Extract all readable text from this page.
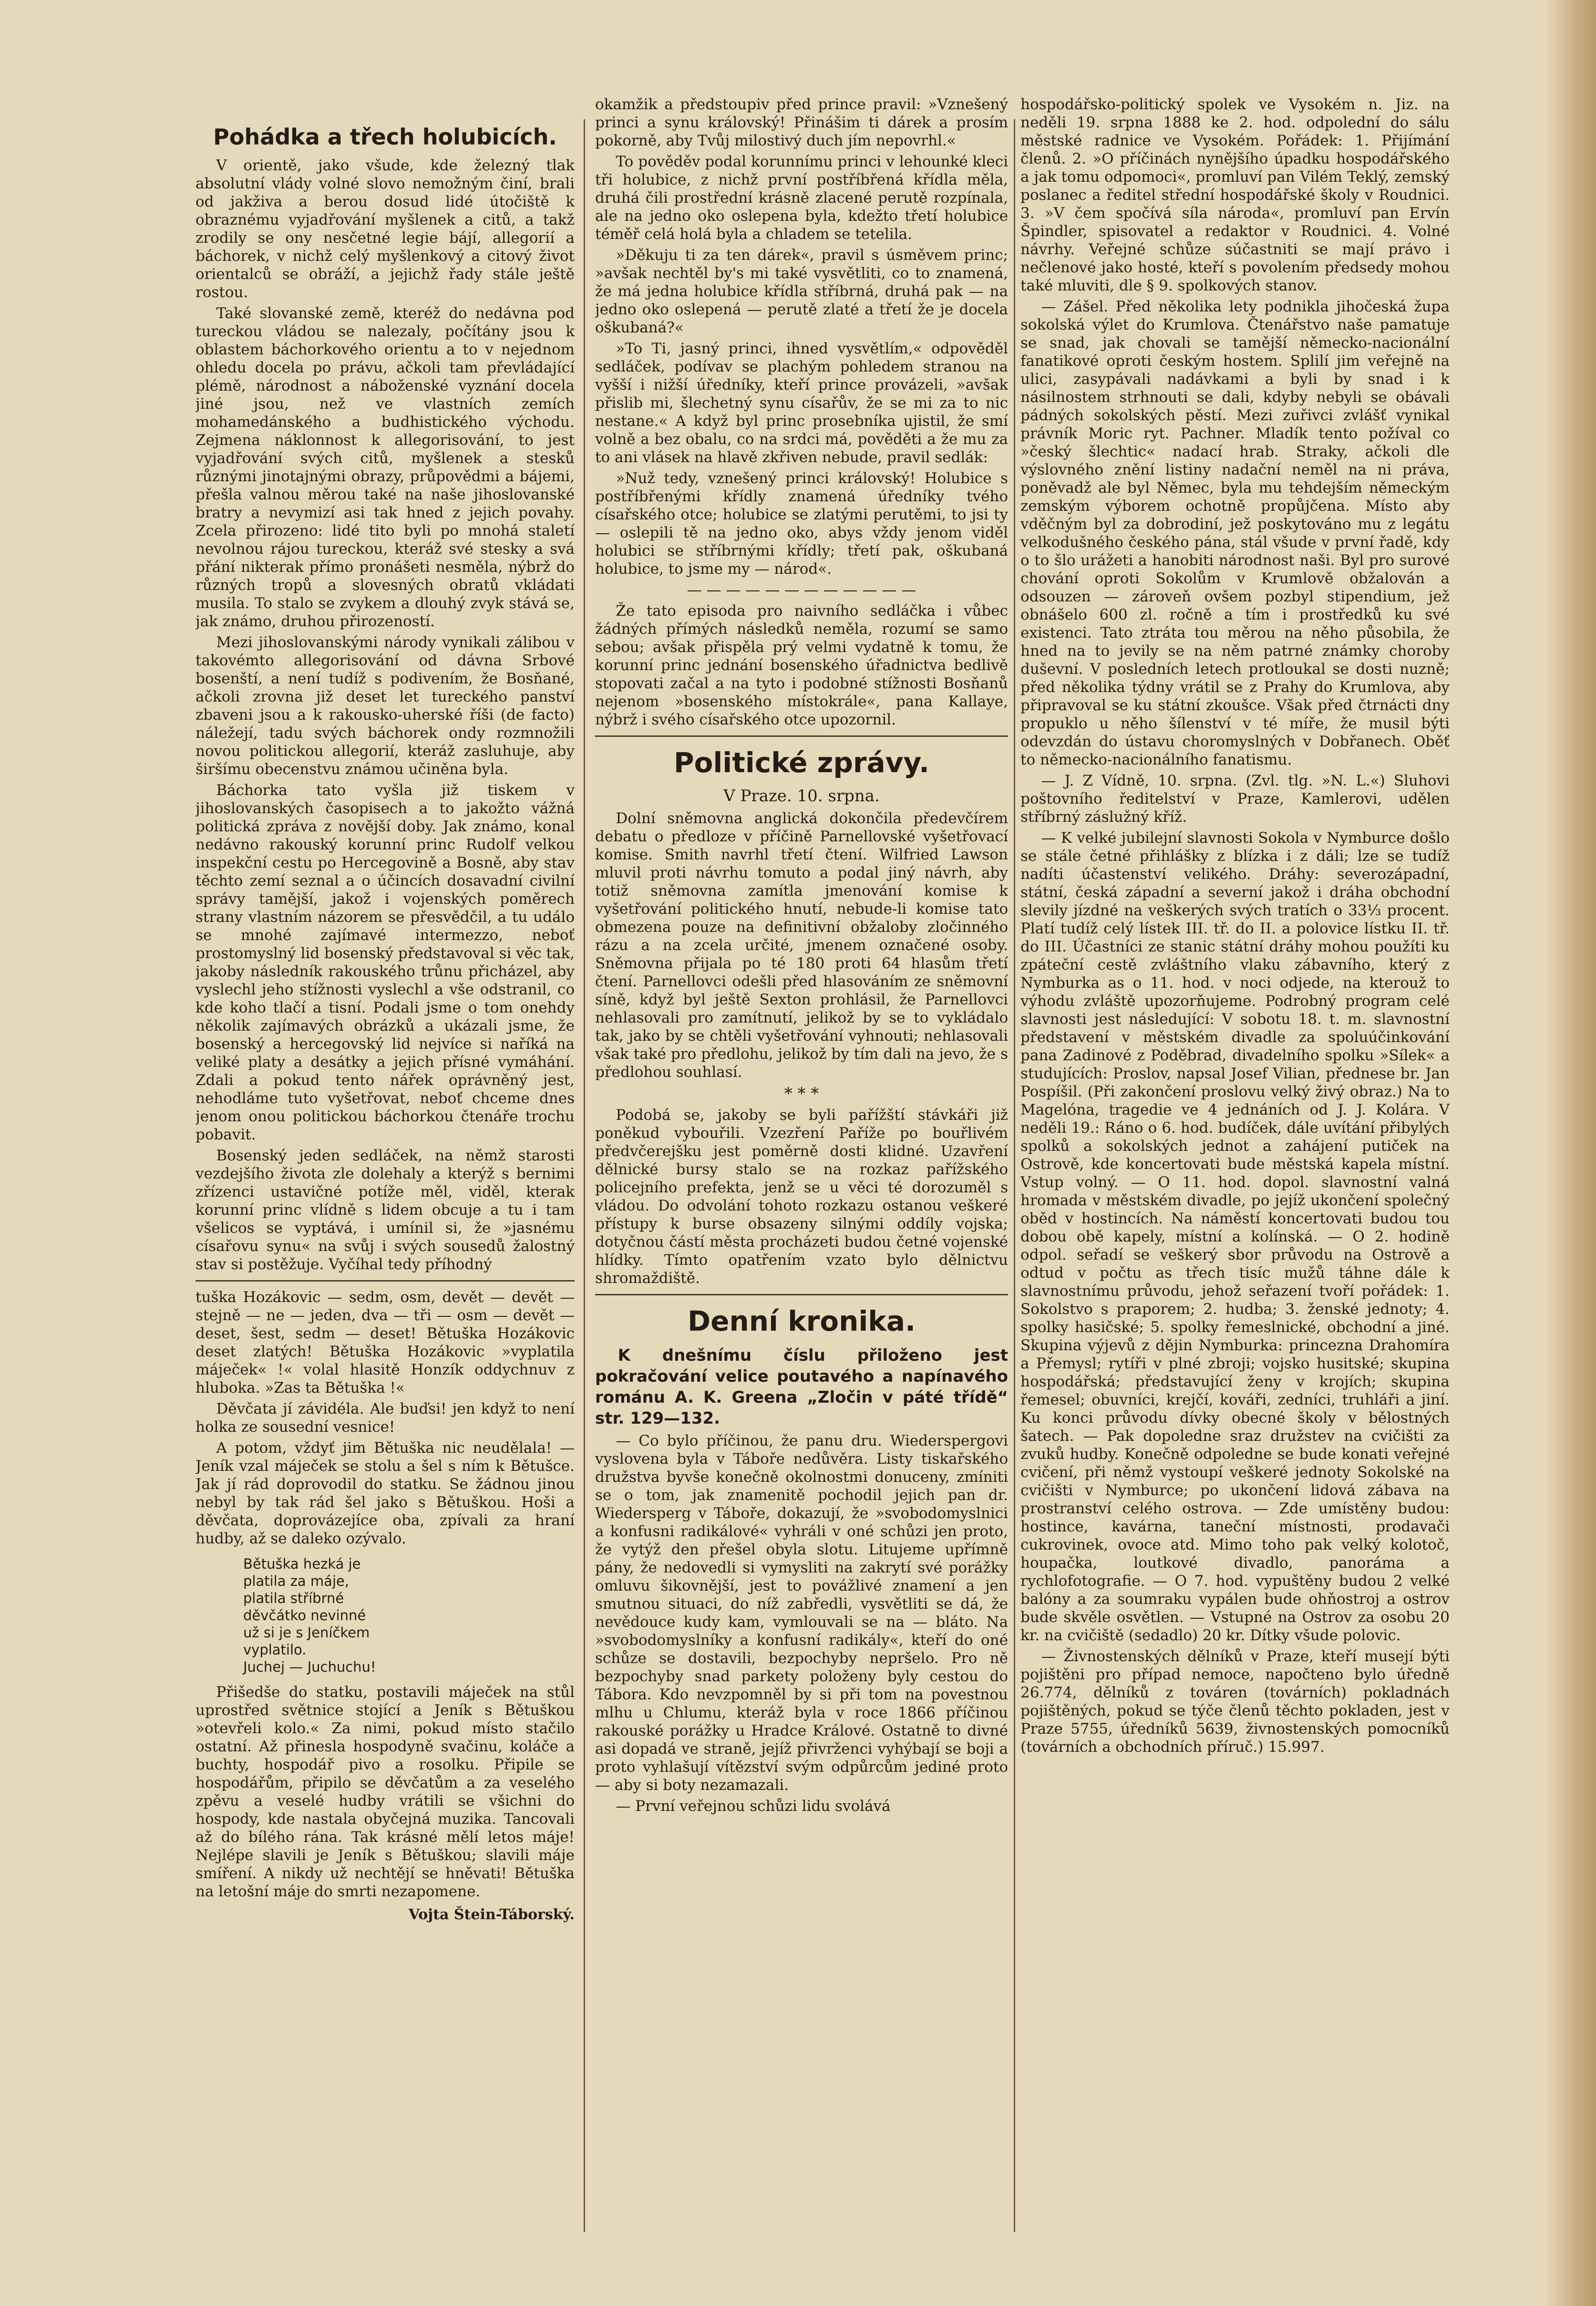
Pohádka a třech holubicích.

V orientě, jako všude, kde železný tlak absolutní vlády volné slovo nemožným činí, brali od jakživa a berou dosud lidé útočiště k obraznému vyjadřování myšlenek a citů, a takž zrodily se ony nesčetné legie bájí, allegorií a báchorek, v nichž celý myšlenkový a citový život orientalců se obráží, a jejichž řady stále ještě rostou.

Také slovanské země, kteréž do nedávna pod tureckou vládou se nalezaly, počítány jsou k oblastem báchorkového orientu a to v nejednom ohledu docela po právu, ačkoli tam převládající plémě, národnost a náboženské vyznání docela jiné jsou, než ve vlastních zemích mohamedánského a budhistického východu. Zejmena náklonnost k allegorisování, to jest vyjadřování svých citů, myšlenek a stesků různými jinotajnými obrazy, průpovědmi a bájemi, přešla valnou měrou také na naše jihoslovanské bratry a nevymizí asi tak hned z jejich povahy. Zcela přirozeno: lidé tito byli po mnohá staletí nevolnou rájou tureckou, kteráž své stesky a svá přání nikterak přímo pronášeti nesměla, nýbrž do různých tropů a slovesných obratů vkládati musila. To stalo se zvykem a dlouhý zvyk stává se, jak známo, druhou přirozeností.

Mezi jihoslovanskými národy vynikali zálibou v takovémto allegorisování od dávna Srbové bosenští, a není tudíž s podivením, že Bosňané, ačkoli zrovna již deset let tureckého panství zbaveni jsou a k rakousko-uherské říši (de facto) náležejí, tadu svých báchorek ondy rozmnožili novou politickou allegorií, kteráž zasluhuje, aby širšímu obecenstvu známou učiněna byla.

Báchorka tato vyšla již tiskem v jihoslovanských časopisech a to jakožto vážná politická zpráva z novější doby. Jak známo, konal nedávno rakouský korunní princ Rudolf velkou inspekční cestu po Hercegovině a Bosně, aby stav těchto zemí seznal a o účincích dosavadní civilní správy tamější, jakož i vojenských poměrech strany vlastním názorem se přesvědčil, a tu událo se mnohé zajímavé intermezzo, neboť prostomyslný lid bosenský představoval si věc tak, jakoby následník rakouského trůnu přicházel, aby vyslechl jeho stížnosti vyslechl a vše odstranil, co kde koho tlačí a tisní. Podali jsme o tom onehdy několik zajímavých obrázků a ukázali jsme, že bosenský a hercegovský lid nejvíce si naříká na veliké platy a desátky a jejich přísné vymáhání. Zdali a pokud tento nářek oprávněný jest, nehodláme tuto vyšetřovat, neboť chceme dnes jenom onou politickou báchorkou čtenáře trochu pobavit.

Bosenský jeden sedláček, na němž starosti vezdejšího života zle dolehaly a kterýž s bernimi zřízenci ustavičné potíže měl, viděl, kterak korunní princ vlídně s lidem obcuje a tu i tam všelicos se vyptává, i umínil si, že »jasnému císařovu synu« na svůj i svých sousedů žalostný stav si postěžuje. Vyčíhal tedy příhodný

tuška Hozákovic — sedm, osm, devět — devět — stejně — ne — jeden, dva — tři — osm — devět — deset, šest, sedm — deset! Bětuška Hozákovic deset zlatých! Bětuška Hozákovic »vyplatila máječek« !« volal hlasitě Honzík oddychnuv z hluboka. »Zas ta Bětuška !«

Děvčata jí závidéla. Ale buďsi! jen když to není holka ze sousední vesnice!

A potom, vždyť jim Bětuška nic neudělala! — Jeník vzal máječek se stolu a šel s ním k Bětušce. Jak jí rád doprovodil do statku. Se žádnou jinou nebyl by tak rád šel jako s Bětuškou. Hoši a děvčata, doprovázejíce oba, zpívali za hraní hudby, až se daleko ozývalo.

Bětuška hezká je
platila za máje,
platila stříbrné
děvčátko nevinné
už si je s Jeníčkem
vyplatilo.
Juchej — Juchuchu!

Přišedše do statku, postavili máječek na stůl uprostřed světnice stojící a Jeník s Bětuškou »otevřeli kolo.« Za nimi, pokud místo stačilo ostatní. Až přinesla hospodyně svačinu, koláče a buchty, hospodář pivo a rosolku. Připile se hospodářům, připilo se děvčatům a za veselého zpěvu a veselé hudby vrátili se všichni do hospody, kde nastala obyčejná muzika. Tancovali až do bílého rána. Tak krásné mělí letos máje! Nejlépe slavili je Jeník s Bětuškou; slavili máje smíření. A nikdy už nechtějí se hněvati! Bětuška na letošní máje do smrti nezapomene.

Vojta Štein-Táborský.

okamžik a předstoupiv před prince pravil: »Vznešený princi a synu královský! Přinášim ti dárek a prosím pokorně, aby Tvůj milostivý duch jím nepovrhl.«

To pověděv podal korunnímu princi v lehounké kleci tři holubice, z nichž první postříbřená křídla měla, druhá čili prostřední krásně zlacené perutě rozpínala, ale na jedno oko oslepena byla, kdežto třetí holubice téměř celá holá byla a chladem se tetelila.

»Děkuju ti za ten dárek«, pravil s úsměvem princ; »avšak nechtěl by's mi také vysvětliti, co to znamená, že má jedna holubice křídla stříbrná, druhá pak — na jedno oko oslepená — perutě zlaté a třetí že je docela oškubaná?«

»To Ti, jasný princi, ihned vysvětlím,« odpověděl sedláček, podívav se plachým pohledem stranou na vyšší i nižší úředníky, kteří prince provázeli, »avšak přislib mi, šlechetný synu císařův, že se mi za to nic nestane.« A když byl princ prosebníka ujistil, že smí volně a bez obalu, co na srdci má, pověděti a že mu za to ani vlásek na hlavě zkřiven nebude, pravil sedlák:

»Nuž tedy, vznešený princi královský! Holubice s postříbřenými křídly znamená úředníky tvého císařského otce; holubice se zlatými perutěmi, to jsi ty — oslepili tě na jedno oko, abys vždy jenom viděl holubici se stříbrnými křídly; třetí pak, oškubaná holubice, to jsme my — národ«.

— — — — — — — — — — — —

Že tato episoda pro naivního sedláčka i vůbec žádných přímých následků neměla, rozumí se samo sebou; avšak přispěla prý velmi vydatně k tomu, že korunní princ jednání bosenského úřadnictva bedlivě stopovati začal a na tyto i podobné stížnosti Bosňanů nejenom »bosenského místokrále«, pana Kallaye, nýbrž i svého císařského otce upozornil.

Politické zprávy.
V Praze. 10. srpna.

Dolní sněmovna anglická dokončila předevčírem debatu o předloze v příčině Parnellovské vyšetřovací komise. Smith navrhl třetí čtení. Wilfried Lawson mluvil proti návrhu tomuto a podal jiný návrh, aby totiž sněmovna zamítla jmenování komise k vyšetřování politického hnutí, nebude-li komise tato obmezena pouze na definitivní obžaloby zločinného rázu a na zcela určité, jmenem označené osoby. Sněmovna přijala po té 180 proti 64 hlasům třetí čtení. Parnellovci odešli před hlasováním ze sněmovní síně, když byl ještě Sexton prohlásil, že Parnellovci nehlasovali pro zamítnutí, jelikož by se to vykládalo tak, jako by se chtěli vyšetřování vyhnouti; nehlasovali však také pro předlohu, jelikož by tím dali na jevo, že s předlohou souhlasí.

* * *

Podobá se, jakoby se byli pařížští stávkáři již poněkud vybouřili. Vzezření Paříže po bouřlivém předvčerejšku jest poměrně dosti klidné. Uzavření dělnické bursy stalo se na rozkaz pařížského policejního prefekta, jenž se u věci té dorozuměl s vládou. Do odvolání tohoto rozkazu ostanou veškeré přístupy k burse obsazeny silnými oddíly vojska; dotyčnou částí města procházeti budou četné vojenské hlídky. Tímto opatřením vzato bylo dělnictvu shromaždiště.

Denní kronika.

K dnešnímu číslu přiloženo jest pokračování velice poutavého a napínavého románu A. K. Greena „Zločin v páté třídě“ str. 129—132.

— Co bylo příčinou, že panu dru. Wiederspergovi vyslovena byla v Táboře nedůvěra. Listy tiskařského družstva byvše konečně okolnostmi donuceny, zmíniti se o tom, jak znamenitě pochodil jejich pan dr. Wiedersperg v Táboře, dokazují, že »svobodomyslnici a konfusni radikálové« vyhráli v oné schůzi jen proto, že vytýž den přešel obyla slotu. Litujeme upřímně pány, že nedovedli si vymysliti na zakrytí své porážky omluvu šikovnější, jest to povážlivé znamení a jen smutnou situaci, do níž zabředli, vysvětliti se dá, že nevědouce kudy kam, vymlouvali se na — bláto. Na »svobodomyslníky a konfusní radikály«, kteří do oné schůze se dostavili, bezpochyby nepršelo. Pro ně bezpochyby snad parkety položeny byly cestou do Tábora. Kdo nevzpomněl by si při tom na povestnou mlhu u Chlumu, kteráž byla v roce 1866 příčinou rakouské porážky u Hradce Králové. Ostatně to divné asi dopadá ve straně, jejíž přivrženci vyhýbají se boji a proto vyhlašují vítězství svým odpůrcům jediné proto — aby si boty nezamazali.

— První veřejnou schůzi lidu svolává

hospodářsko-politický spolek ve Vysokém n. Jiz. na neděli 19. srpna 1888 ke 2. hod. odpolední do sálu městské radnice ve Vysokém. Pořádek: 1. Přijímání členů. 2. »O příčinách nynějšího úpadku hospodářského a jak tomu odpomoci«, promluví pan Vilém Teklý, zemský poslanec a ředitel střední hospodářské školy v Roudnici. 3. »V čem spočívá síla národa«, promluví pan Ervín Špindler, spisovatel a redaktor v Roudnici. 4. Volné návrhy. Veřejné schůze súčastniti se mají právo i nečlenové jako hosté, kteří s povolením předsedy mohou také mluviti, dle § 9. spolkových stanov.

— Zášel. Před několika lety podnikla jihočeská župa sokolská výlet do Krumlova. Čtenářstvo naše pamatuje se snad, jak chovali se tamější německo-nacionální fanatikové oproti českým hostem. Splilí jim veřejně na ulici, zasypávali nadávkami a byli by snad i k násilnostem strhnouti se dali, kdyby nebyli se obávali pádných sokolských pěstí. Mezi zuřivci zvlášť vynikal právník Moric ryt. Pachner. Mladík tento požíval co »český šlechtic« nadací hrab. Straky, ačkoli dle výslovného znění listiny nadační neměl na ni práva, poněvadž ale byl Němec, byla mu tehdejším německým zemským výborem ochotně propůjčena. Místo aby vděčným byl za dobrodiní, jež poskytováno mu z legátu velkodušného českého pána, stál všude v první řadě, kdy o to šlo urážeti a hanobiti národnost naši. Byl pro surové chování oproti Sokolům v Krumlově obžalován a odsouzen — zároveň ovšem pozbyl stipendium, jež obnášelo 600 zl. ročně a tím i prostředků ku své existenci. Tato ztráta tou měrou na něho působila, že hned na to jevily se na něm patrné známky choroby duševní. V posledních letech protloukal se dosti nuzně; před několika týdny vrátil se z Prahy do Krumlova, aby připravoval se ku státní zkoušce. Však před čtrnácti dny propuklo u něho šílenství v té míře, že musil býti odevzdán do ústavu choromyslných v Dobřanech. Oběť to německo-nacionálního fanatismu.

— J. Z Vídně, 10. srpna. (Zvl. tlg. »N. L.«) Sluhovi poštovního ředitelství v Praze, Kamlerovi, udělen stříbrný záslužný kříž.

— K velké jubilejní slavnosti Sokola v Nymburce došlo se stále četné přihlášky z blízka i z dáli; lze se tudíž nadíti účastenství velikého. Dráhy: severozápadní, státní, česká západní a severní jakož i dráha obchodní slevily jízdné na veškerých svých tratích o 33⅓ procent. Platí tudíž celý lístek III. tř. do II. a polovice lístku II. tř. do III. Účastníci ze stanic státní dráhy mohou použíti ku zpáteční cestě zvláštního vlaku zábavního, který z Nymburka as o 11. hod. v noci odjede, na kterouž to výhodu zvláště upozorňujeme. Podrobný program celé slavnosti jest následující: V sobotu 18. t. m. slavnostní představení v městském divadle za spoluúčinkování pana Zadinové z Poděbrad, divadelního spolku »Sílek« a studujících: Proslov, napsal Josef Vilian, přednese br. Jan Pospíšil. (Při zakončení proslovu velký živý obraz.) Na to Magelóna, tragedie ve 4 jednáních od J. J. Kolára. V neděli 19.: Ráno o 6. hod. budíček, dále uvítání přibylých spolků a sokolských jednot a zahájení putiček na Ostrově, kde koncertovati bude městská kapela místní. Vstup volný. — O 11. hod. dopol. slavnostní valná hromada v městském divadle, po jejíž ukončení společný oběd v hostincích. Na náměstí koncertovati budou tou dobou obě kapely, místní a kolínská. — O 2. hodině odpol. seřadí se veškerý sbor průvodu na Ostrově a odtud v počtu as třech tisíc mužů táhne dále k slavnostnímu průvodu, jehož seřazení tvoří pořádek: 1. Sokolstvo s praporem; 2. hudba; 3. ženské jednoty; 4. spolky hasičské; 5. spolky řemeslnické, obchodní a jiné. Skupina výjevů z dějin Nymburka: princezna Drahomíra a Přemysl; rytíři v plné zbroji; vojsko husitské; skupina hospodářská; představující ženy v krojích; skupina řemesel; obuvníci, krejčí, kováři, zedníci, truhláři a jiní. Ku konci průvodu dívky obecné školy v bělostných šatech. — Pak dopoledne sraz družstev na cvičišti za zvuků hudby. Konečně odpoledne se bude konati veřejné cvičení, při němž vystoupí veškeré jednoty Sokolské na cvičišti v Nymburce; po ukončení lidová zábava na prostranství celého ostrova. — Zde umístěny budou: hostince, kavárna, taneční místnosti, prodavači cukrovinek, ovoce atd. Mimo toho pak velký kolotoč, houpačka, loutkové divadlo, panoráma a rychlofotografie. — O 7. hod. vypuštěny budou 2 velké balóny a za soumraku vypálen bude ohňostroj a ostrov bude skvěle osvětlen. — Vstupné na Ostrov za osobu 20 kr. na cvičiště (sedadlo) 20 kr. Dítky všude polovic.

— Živnostenských dělníků v Praze, kteří musejí býti pojištěni pro případ nemoce, napočteno bylo úředně 26.774, dělníků z továren (továrních) pokladnách pojištěných, pokud se týče členů těchto pokladen, jest v Praze 5755, úředníků 5639, živnostenských pomocníků (továrních a obchodních příruč.) 15.997.
